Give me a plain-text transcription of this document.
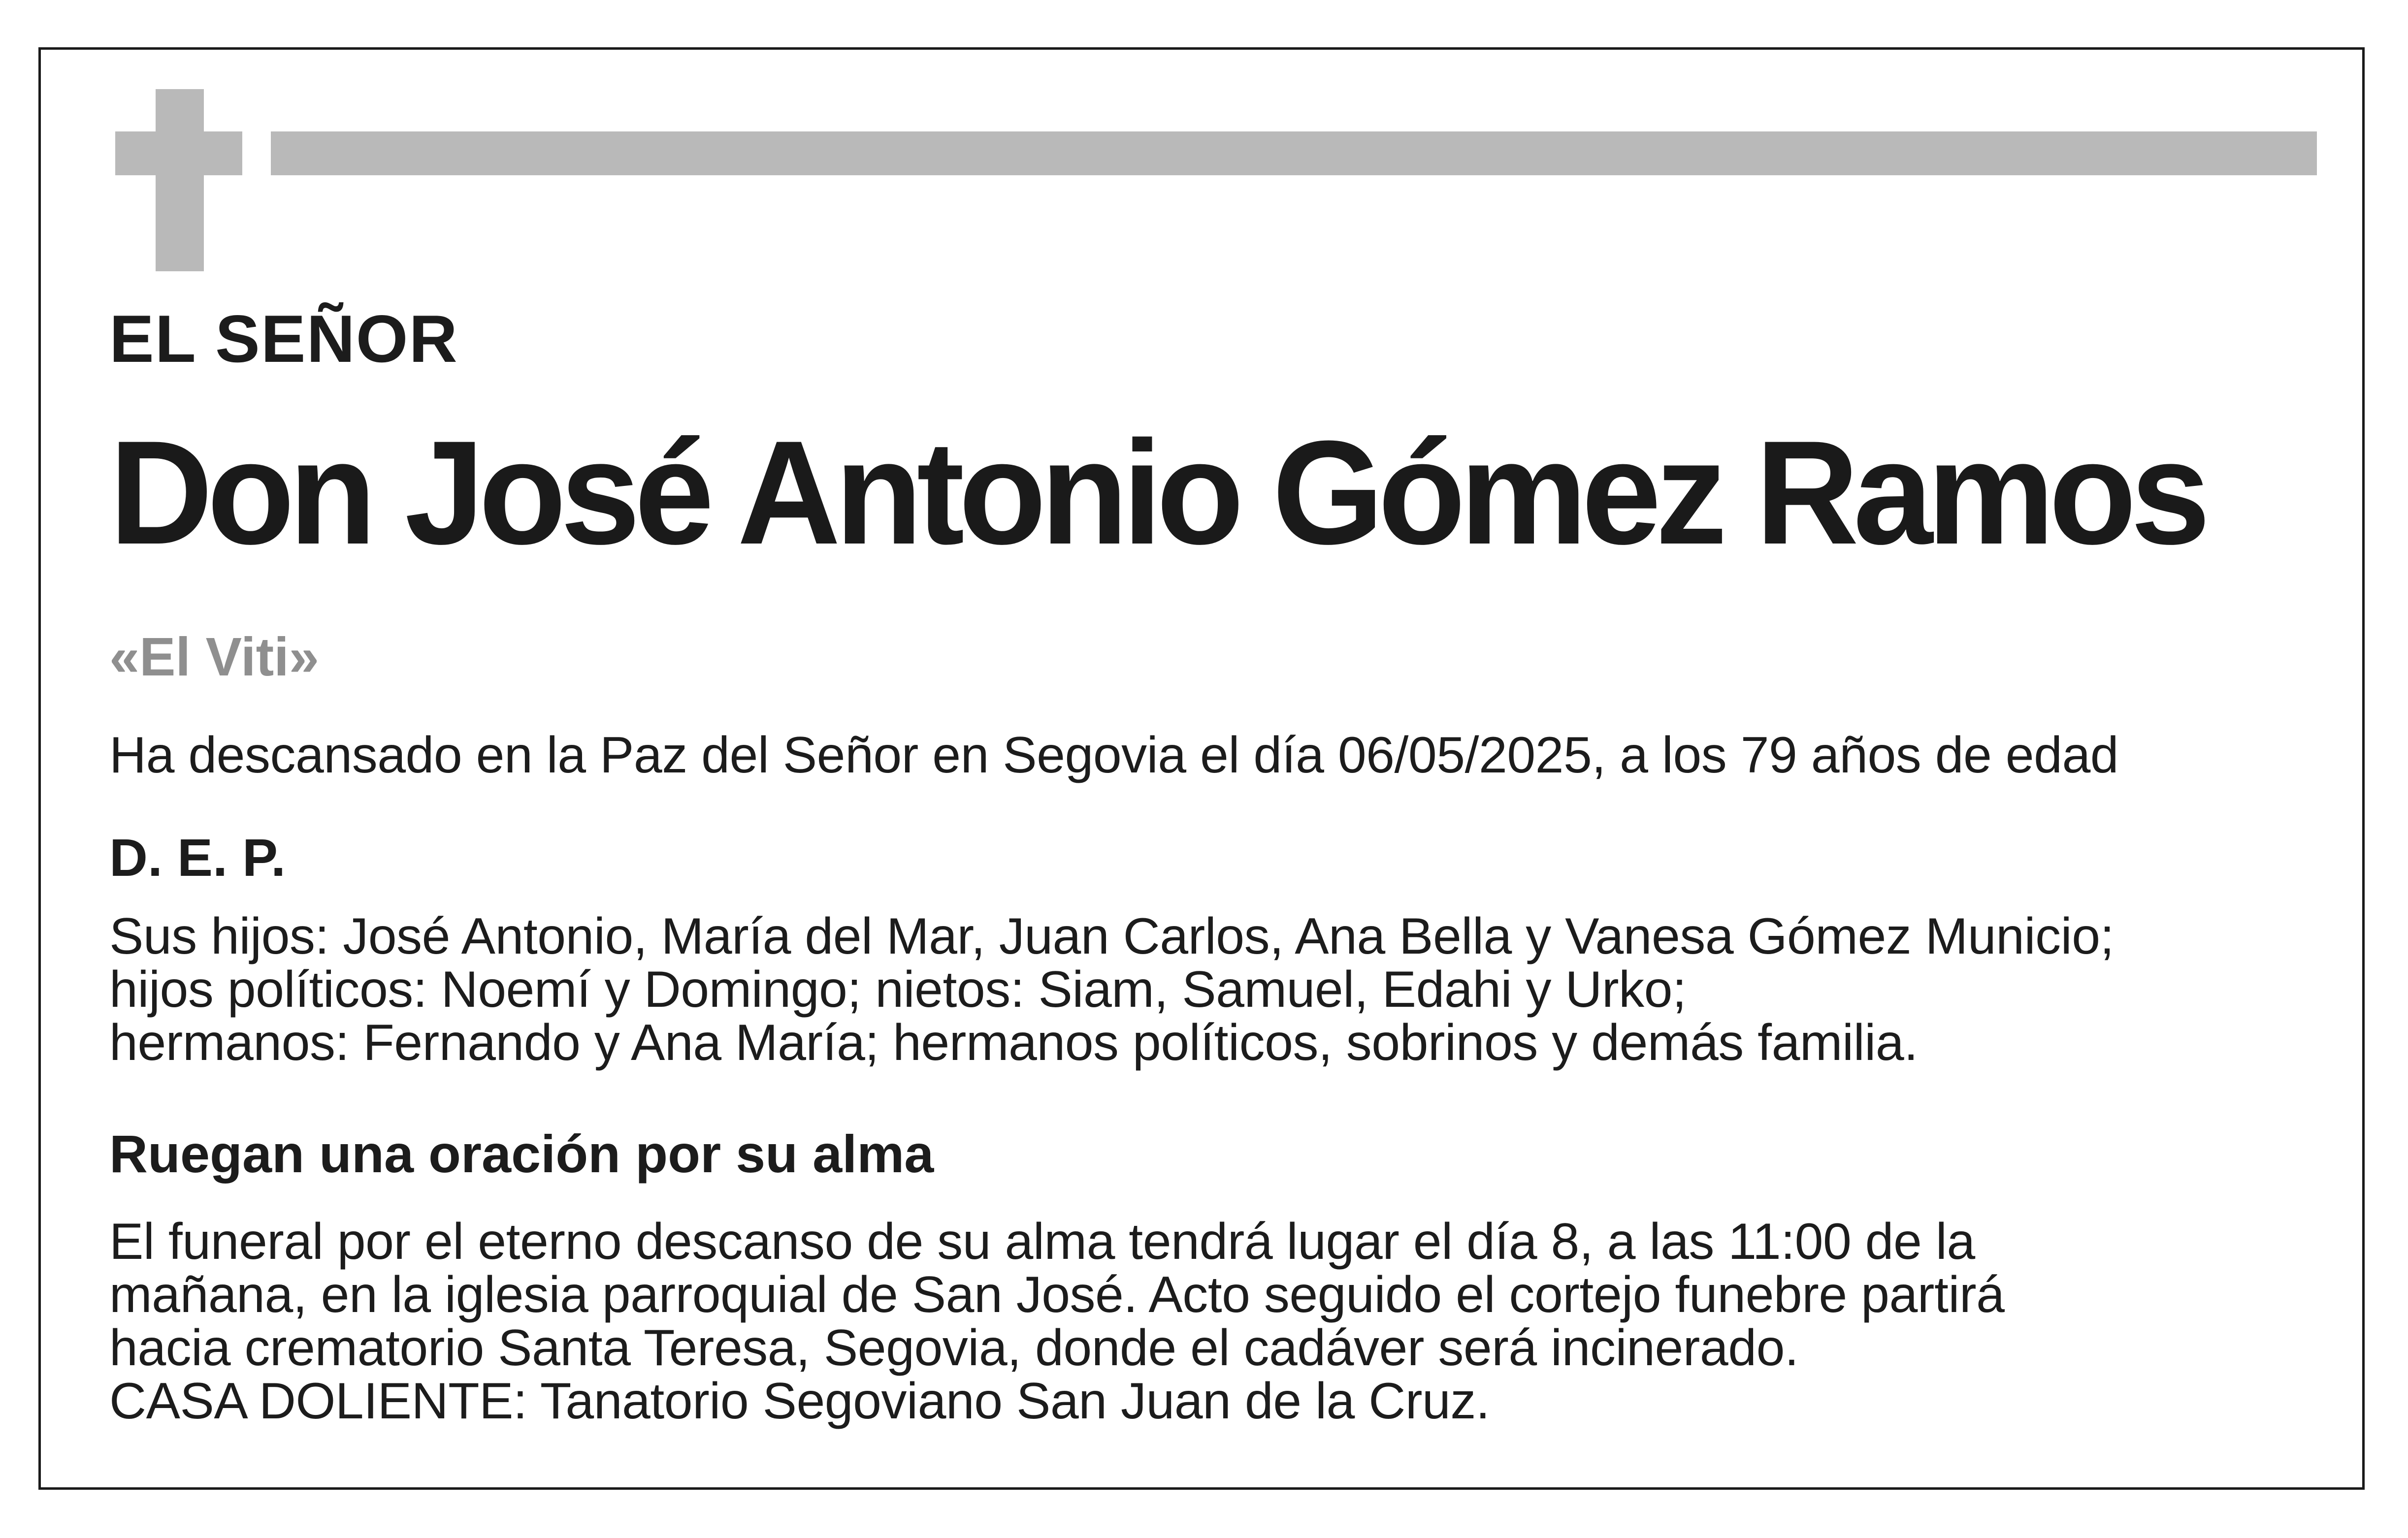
EL SEÑOR

Don José Antonio Gómez Ramos

«El Viti»

Ha descansado en la Paz del Señor en Segovia el día 06/05/2025, a los 79 años de edad

D. E. P.

Sus hijos: José Antonio, María del Mar, Juan Carlos, Ana Bella y Vanesa Gómez Municio;
hijos políticos: Noemí y Domingo; nietos: Siam, Samuel, Edahi y Urko;
hermanos: Fernando y Ana María; hermanos políticos, sobrinos y demás familia.

Ruegan una oración por su alma

El funeral por el eterno descanso de su alma tendrá lugar el día 8, a las 11:00 de la
mañana, en la iglesia parroquial de San José. Acto seguido el cortejo funebre partirá
hacia crematorio Santa Teresa, Segovia, donde el cadáver será incinerado.
CASA DOLIENTE: Tanatorio Segoviano San Juan de la Cruz.
